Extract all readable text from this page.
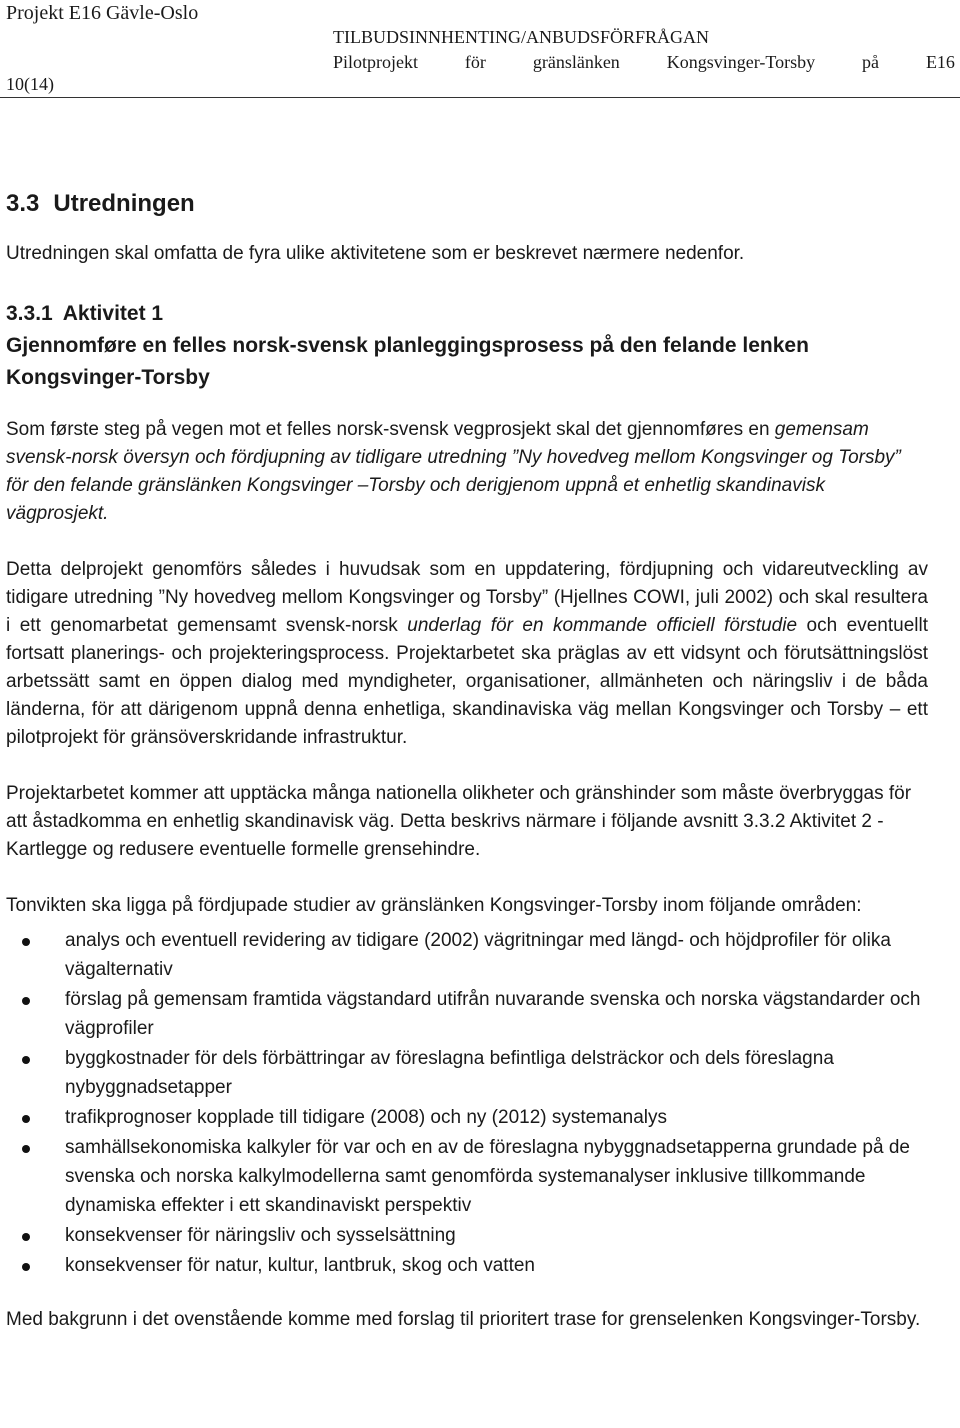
Projekt E16 Gävle-Oslo
10(14)
TILBUDSINNHENTING/ANBUDSFÖRFRÅGAN
Pilotprojekt	för	gränslänken	Kongsvinger-Torsby	på	E16
3.3 Utredningen

Utredningen skal omfatta de fyra ulike aktivitetene som er beskrevet nærmere nedenfor.

3.3.1 Aktivitet 1
Gjennomføre en felles norsk-svensk planleggingsprosess på den felande lenken Kongsvinger-Torsby

Som første steg på vegen mot et felles norsk-svensk vegprosjekt skal det gjennomføres en gemensam svensk-norsk översyn och fördjupning av tidligare utredning ”Ny hovedveg mellom Kongsvinger og Torsby” för den felande gränslänken Kongsvinger –Torsby och derigjenom uppnå et enhetlig skandinavisk vägprosjekt.

Detta delprojekt genomförs således i huvudsak som en uppdatering, fördjupning och vidareutveckling av tidigare utredning ”Ny hovedveg mellom Kongsvinger og Torsby” (Hjellnes COWI, juli 2002) och skal resultera i ett genomarbetat gemensamt svensk-norsk underlag för en kommande officiell förstudie och eventuellt fortsatt planerings- och projekteringsprocess. Projektarbetet ska präglas av ett vidsynt och förutsättningslöst arbetssätt samt en öppen dialog med myndigheter, organisationer, allmänheten och näringsliv i de båda länderna, för att därigenom uppnå denna enhetliga, skandinaviska väg mellan Kongsvinger och Torsby – ett pilotprojekt för gränsöverskridande infrastruktur.

Projektarbetet kommer att upptäcka många nationella olikheter och gränshinder som måste överbryggas för att åstadkomma en enhetlig skandinavisk väg. Detta beskrivs närmare i följande avsnitt 3.3.2 Aktivitet 2 - Kartlegge og redusere eventuelle formelle grensehindre.

Tonvikten ska ligga på fördjupade studier av gränslänken Kongsvinger-Torsby inom följande områden:

analys och eventuell revidering av tidigare (2002) vägritningar med längd- och höjdprofiler för olika vägalternativ
förslag på gemensam framtida vägstandard utifrån nuvarande svenska och norska vägstandarder och vägprofiler
byggkostnader för dels förbättringar av föreslagna befintliga delsträckor och dels föreslagna nybyggnadsetapper
trafikprognoser kopplade till tidigare (2008) och ny (2012) systemanalys
samhällsekonomiska kalkyler för var och en av de föreslagna nybyggnadsetapperna grundade på de svenska och norska kalkylmodellerna samt genomförda systemanalyser inklusive tillkommande dynamiska effekter i ett skandinaviskt perspektiv
konsekvenser för näringsliv och sysselsättning
konsekvenser för natur, kultur, lantbruk, skog och vatten

Med bakgrunn i det ovenstående komme med forslag til prioritert trase for grenselenken Kongsvinger-Torsby.
